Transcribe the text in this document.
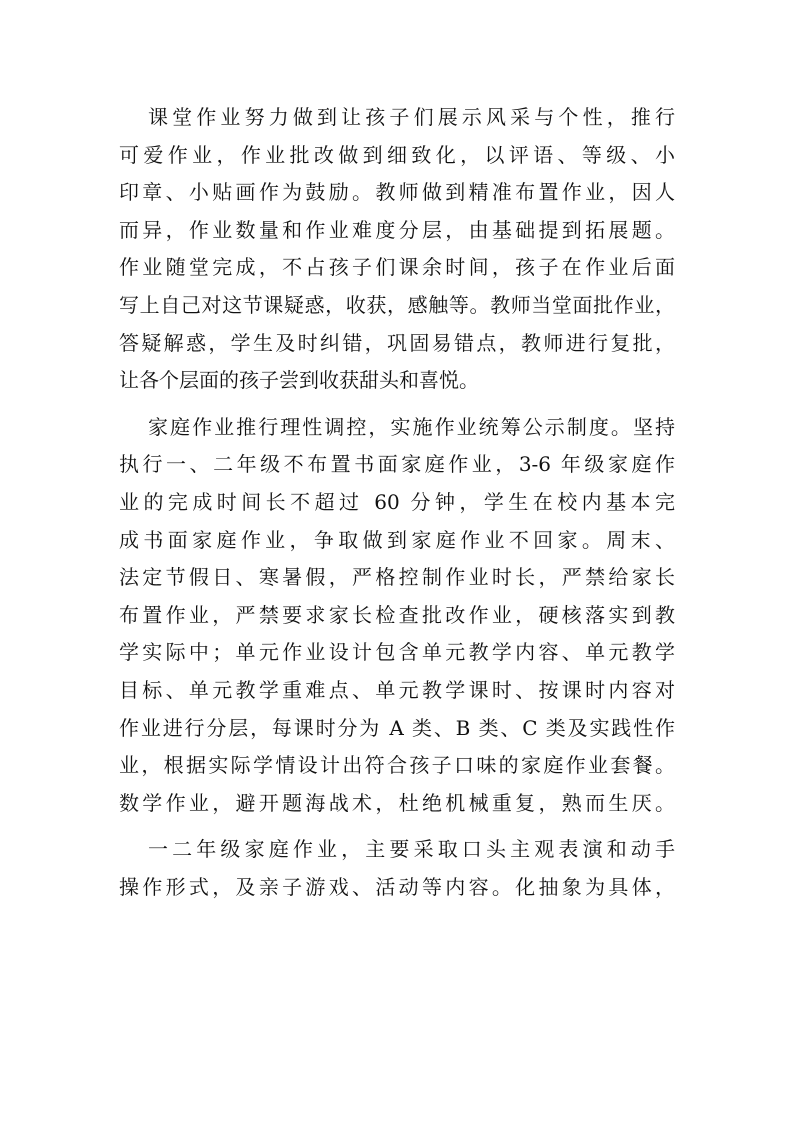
课堂作业努力做到让孩子们展示风采与个性，推行
可爱作业，作业批改做到细致化，以评语、等级、小
印章、小贴画作为鼓励。教师做到精准布置作业，因人
而异，作业数量和作业难度分层，由基础提到拓展题。
作业随堂完成，不占孩子们课余时间，孩子在作业后面
写上自己对这节课疑惑，收获，感触等。教师当堂面批作业，
答疑解惑，学生及时纠错，巩固易错点，教师进行复批，
让各个层面的孩子尝到收获甜头和喜悦。
家庭作业推行理性调控，实施作业统筹公示制度。坚持
执行一、二年级不布置书面家庭作业，3-6 年级家庭作
业的完成时间长不超过 60 分钟，学生在校内基本完
成书面家庭作业，争取做到家庭作业不回家。周末、
法定节假日、寒暑假，严格控制作业时长，严禁给家长
布置作业，严禁要求家长检查批改作业，硬核落实到教
学实际中；单元作业设计包含单元教学内容、单元教学
目标、单元教学重难点、单元教学课时、按课时内容对
作业进行分层，每课时分为 A 类、B 类、C 类及实践性作
业，根据实际学情设计出符合孩子口味的家庭作业套餐。
数学作业，避开题海战术，杜绝机械重复，熟而生厌。
一二年级家庭作业，主要采取口头主观表演和动手
操作形式，及亲子游戏、活动等内容。化抽象为具体，
